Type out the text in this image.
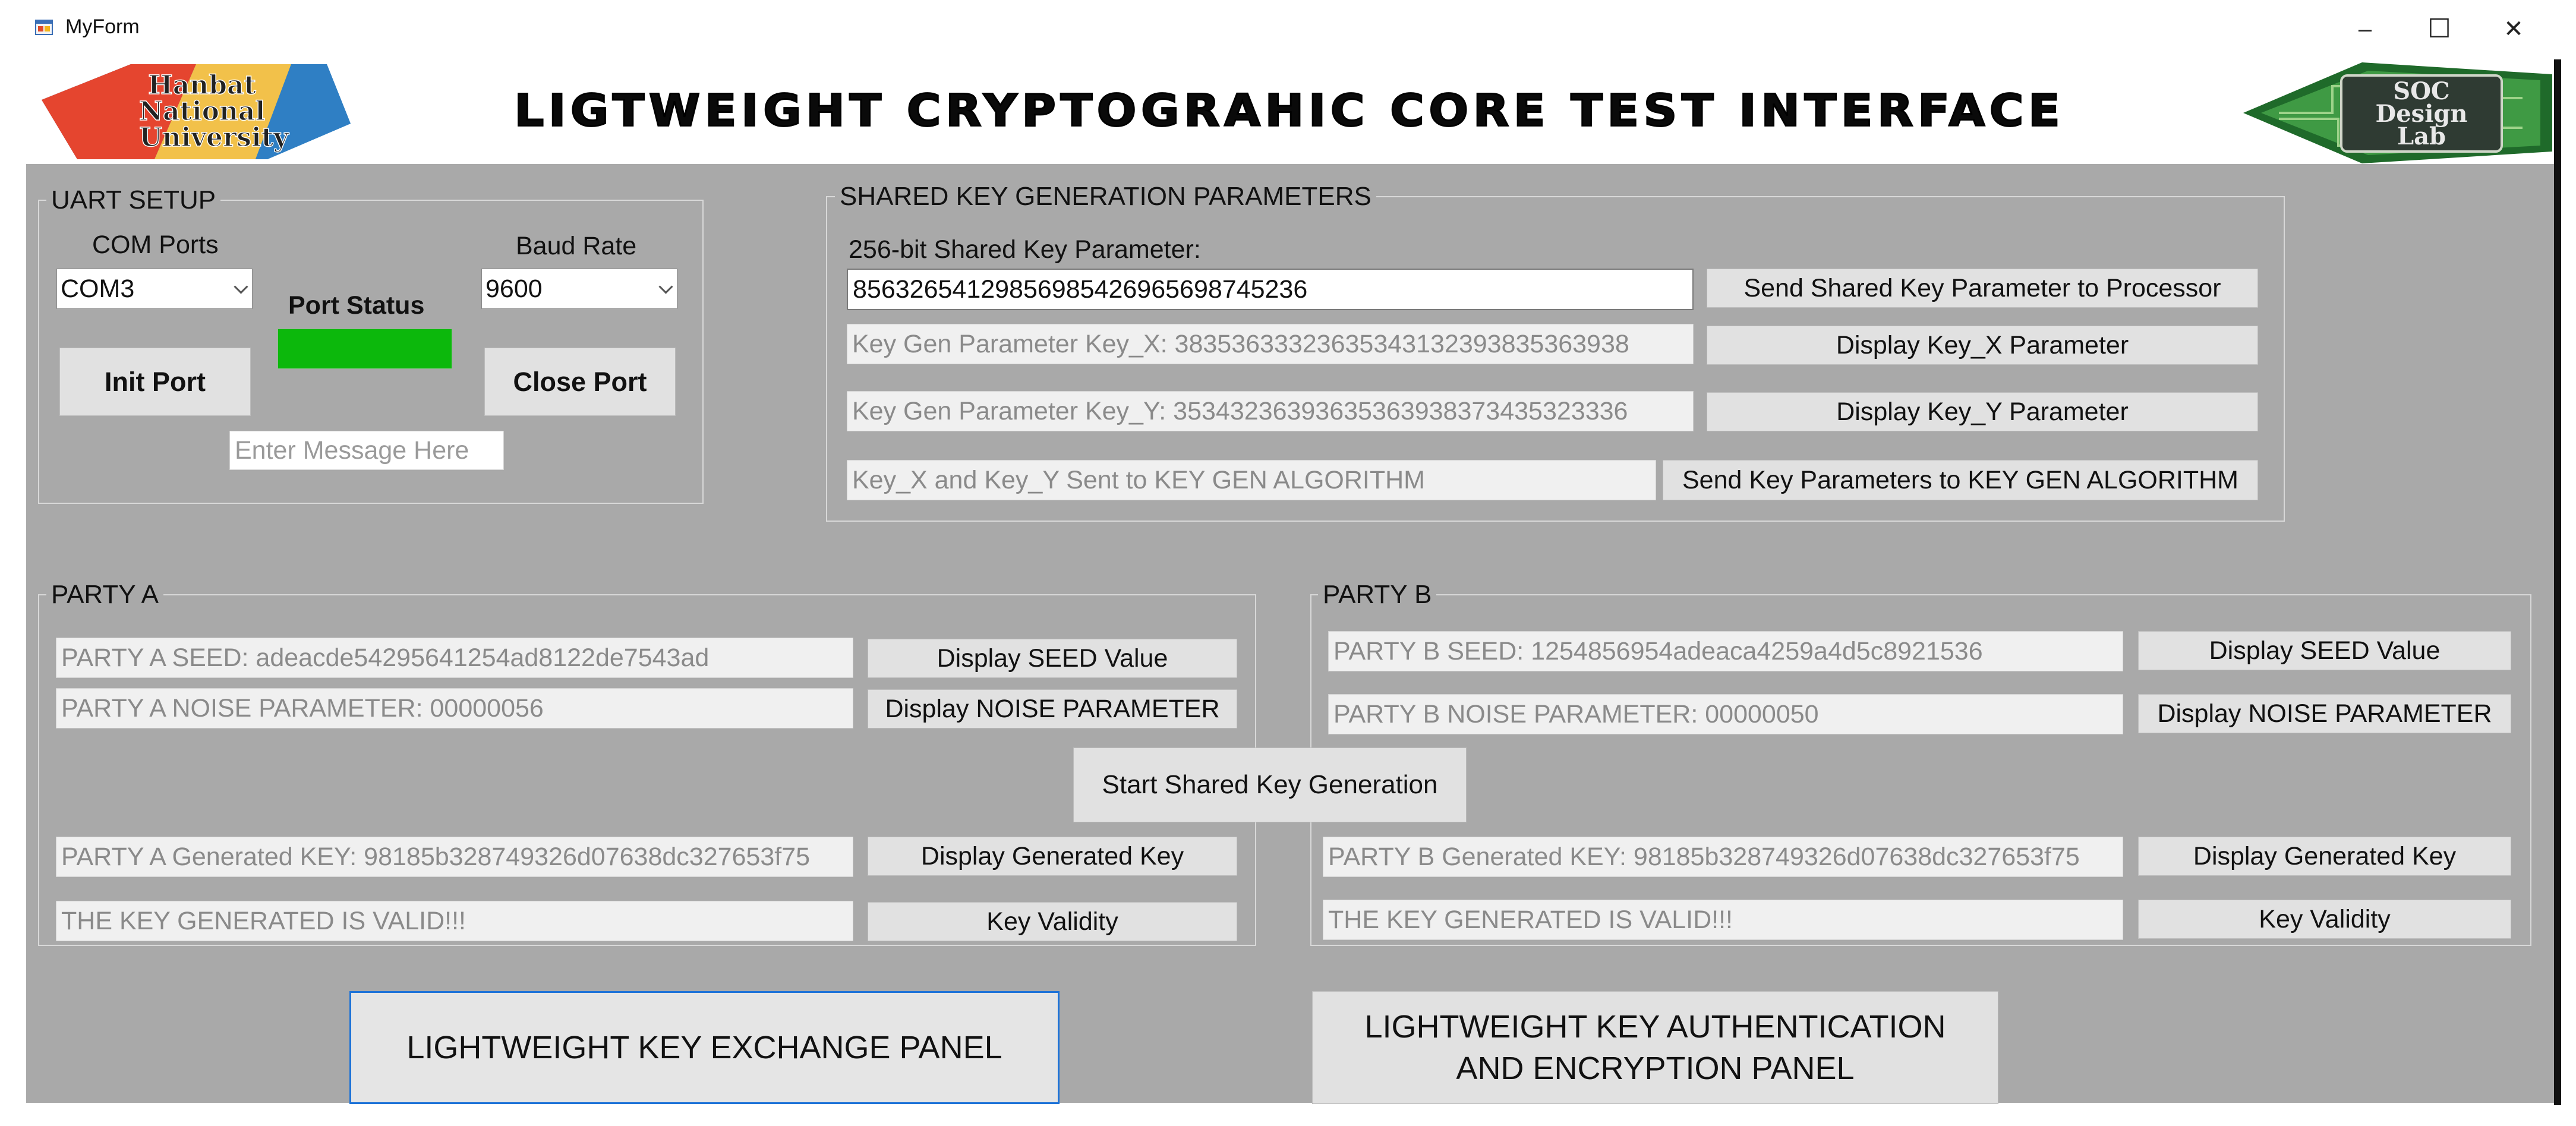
MyForm	–	☐	✕
Hanbat
National
University
LIGTWEIGHT CRYPTOGRAHIC CORE TEST INTERFACE	SOC
Design
Lab
UART SETUP
COM Ports
COM3
Port Status
Baud Rate
9600
Init Port	Close Port
Enter Message Here
SHARED KEY GENERATION PARAMETERS
256-bit Shared Key Parameter:
85632654129856985426965698745236	Send Shared Key Parameter to Processor
Key Gen Parameter Key_X: 38353633323635343132393835363938	Display Key_X Parameter
Key Gen Parameter Key_Y: 35343236393635363938373435323336	Display Key_Y Parameter
Key_X and Key_Y Sent to KEY GEN ALGORITHM	Send Key Parameters to KEY GEN ALGORITHM
PARTY A
PARTY A SEED: adeacde54295641254ad8122de7543ad	Display SEED Value
PARTY A NOISE PARAMETER: 00000056	Display NOISE PARAMETER
PARTY A Generated KEY: 98185b328749326d07638dc327653f75	Display Generated Key
THE KEY GENERATED IS VALID!!!	Key Validity
PARTY B
PARTY B SEED: 1254856954adeaca4259a4d5c8921536	Display SEED Value
PARTY B NOISE PARAMETER: 00000050	Display NOISE PARAMETER
PARTY B Generated KEY: 98185b328749326d07638dc327653f75	Display Generated Key
THE KEY GENERATED IS VALID!!!	Key Validity
Start Shared Key Generation
LIGHTWEIGHT KEY EXCHANGE PANEL
LIGHTWEIGHT KEY AUTHENTICATION
AND ENCRYPTION PANEL
